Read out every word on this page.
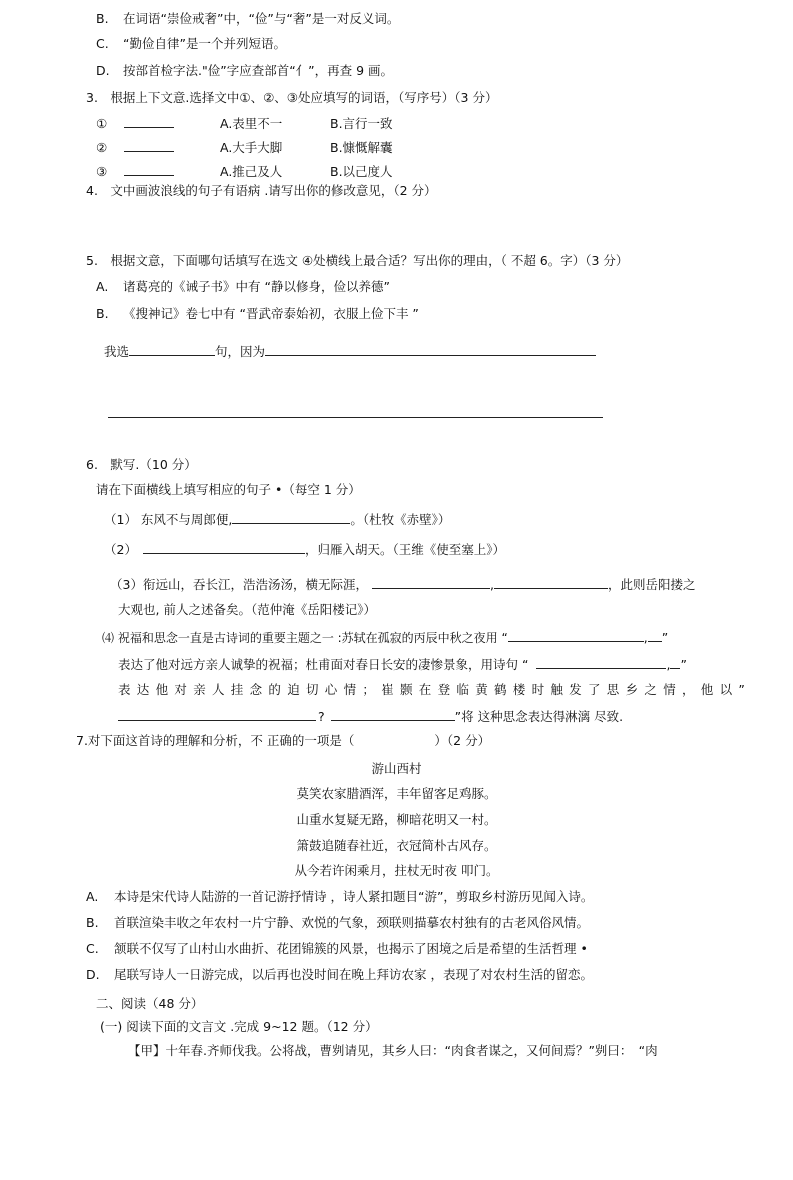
B. 在词语“崇俭戒奢”中，“俭”与“奢”是一对反义词。
C. “勤俭自律”是一个并列短语。
D. 按部首检字法."俭”字应查部首“亻”，再查 9 画。
3.　根据上下文意.选择文中①、②、③处应填写的词语，（写序号）（3 分）
①	A.表里不一	B.言行一致
②	A.大手大脚	B.慷慨解囊
③	A.推己及人	B.以己度人
4.　文中画波浪线的句子有语病 .请写出你的修改意见，（2 分）
5.　根据文意，下面哪句话填写在选文 ④处横线上最合适？写出你的理由，（ 不超 6。字）（3 分）
A. 诸葛亮的《诫子书》中有 “静以修身，俭以养德”
B. 《搜神记》卷七中有 “晋武帝泰始初，衣服上俭下丰 ”
我选	句，因为
6.　默写.（10 分）
请在下面横线上填写相应的句子 •（每空 1 分）
（1） 东风不与周郎便,	。（杜牧《赤壁》）
（2）	，归雁入胡天。（王维《使至塞上》）
（3）衔远山，吞长江，浩浩汤汤，横无际涯，	,	，此则岳阳搂之
大观也, 前人之述备矣。（范仲淹《岳阳楼记》）
⑷ 祝福和思念一直是古诗词的重要主题之一 :苏轼在孤寂的丙辰中秋之夜用 “	, ”
表达了他对远方亲人诚挚的祝福；杜甫面对春日长安的凄惨景象，用诗句 “	, ”
表达他对亲人挂念的迫切心情；崔颢在登临黄鹤楼时触发了思乡之情，他以”
?	”将 这种思念表达得淋漓 尽致.
7.对下面这首诗的理解和分析，不 正确的一项是（	）（2 分）
游山西村
莫笑农家腊酒浑，丰年留客足鸡豚。
山重水复疑无路，柳暗花明又一村。
箫鼓追随春社近，衣冠简朴古风存。
从今若许闲乘月，拄杖无时夜 叩门。
A. 本诗是宋代诗人陆游的一首记游抒情诗 ，诗人紧扣题目“游”，剪取乡村游历见闻入诗。
B. 首联渲染丰收之年农村一片宁静、欢悦的气象，颈联则描摹农村独有的古老风俗风情。
C. 颔联不仅写了山村山水曲折、花团锦簇的风景，也揭示了困境之后是希望的生活哲理 •
D. 尾联写诗人一日游完成，以后再也没时间在晚上拜访农家 ，表现了对农村生活的留恋。
二、阅读（48 分）
(一) 阅读下面的文言文 .完成 9~12 题。（12 分）
【甲】十年春.齐师伐我。公将战，曹刿请见，其乡人曰：“肉食者谋之，又何间焉？”刿曰：　“肉
